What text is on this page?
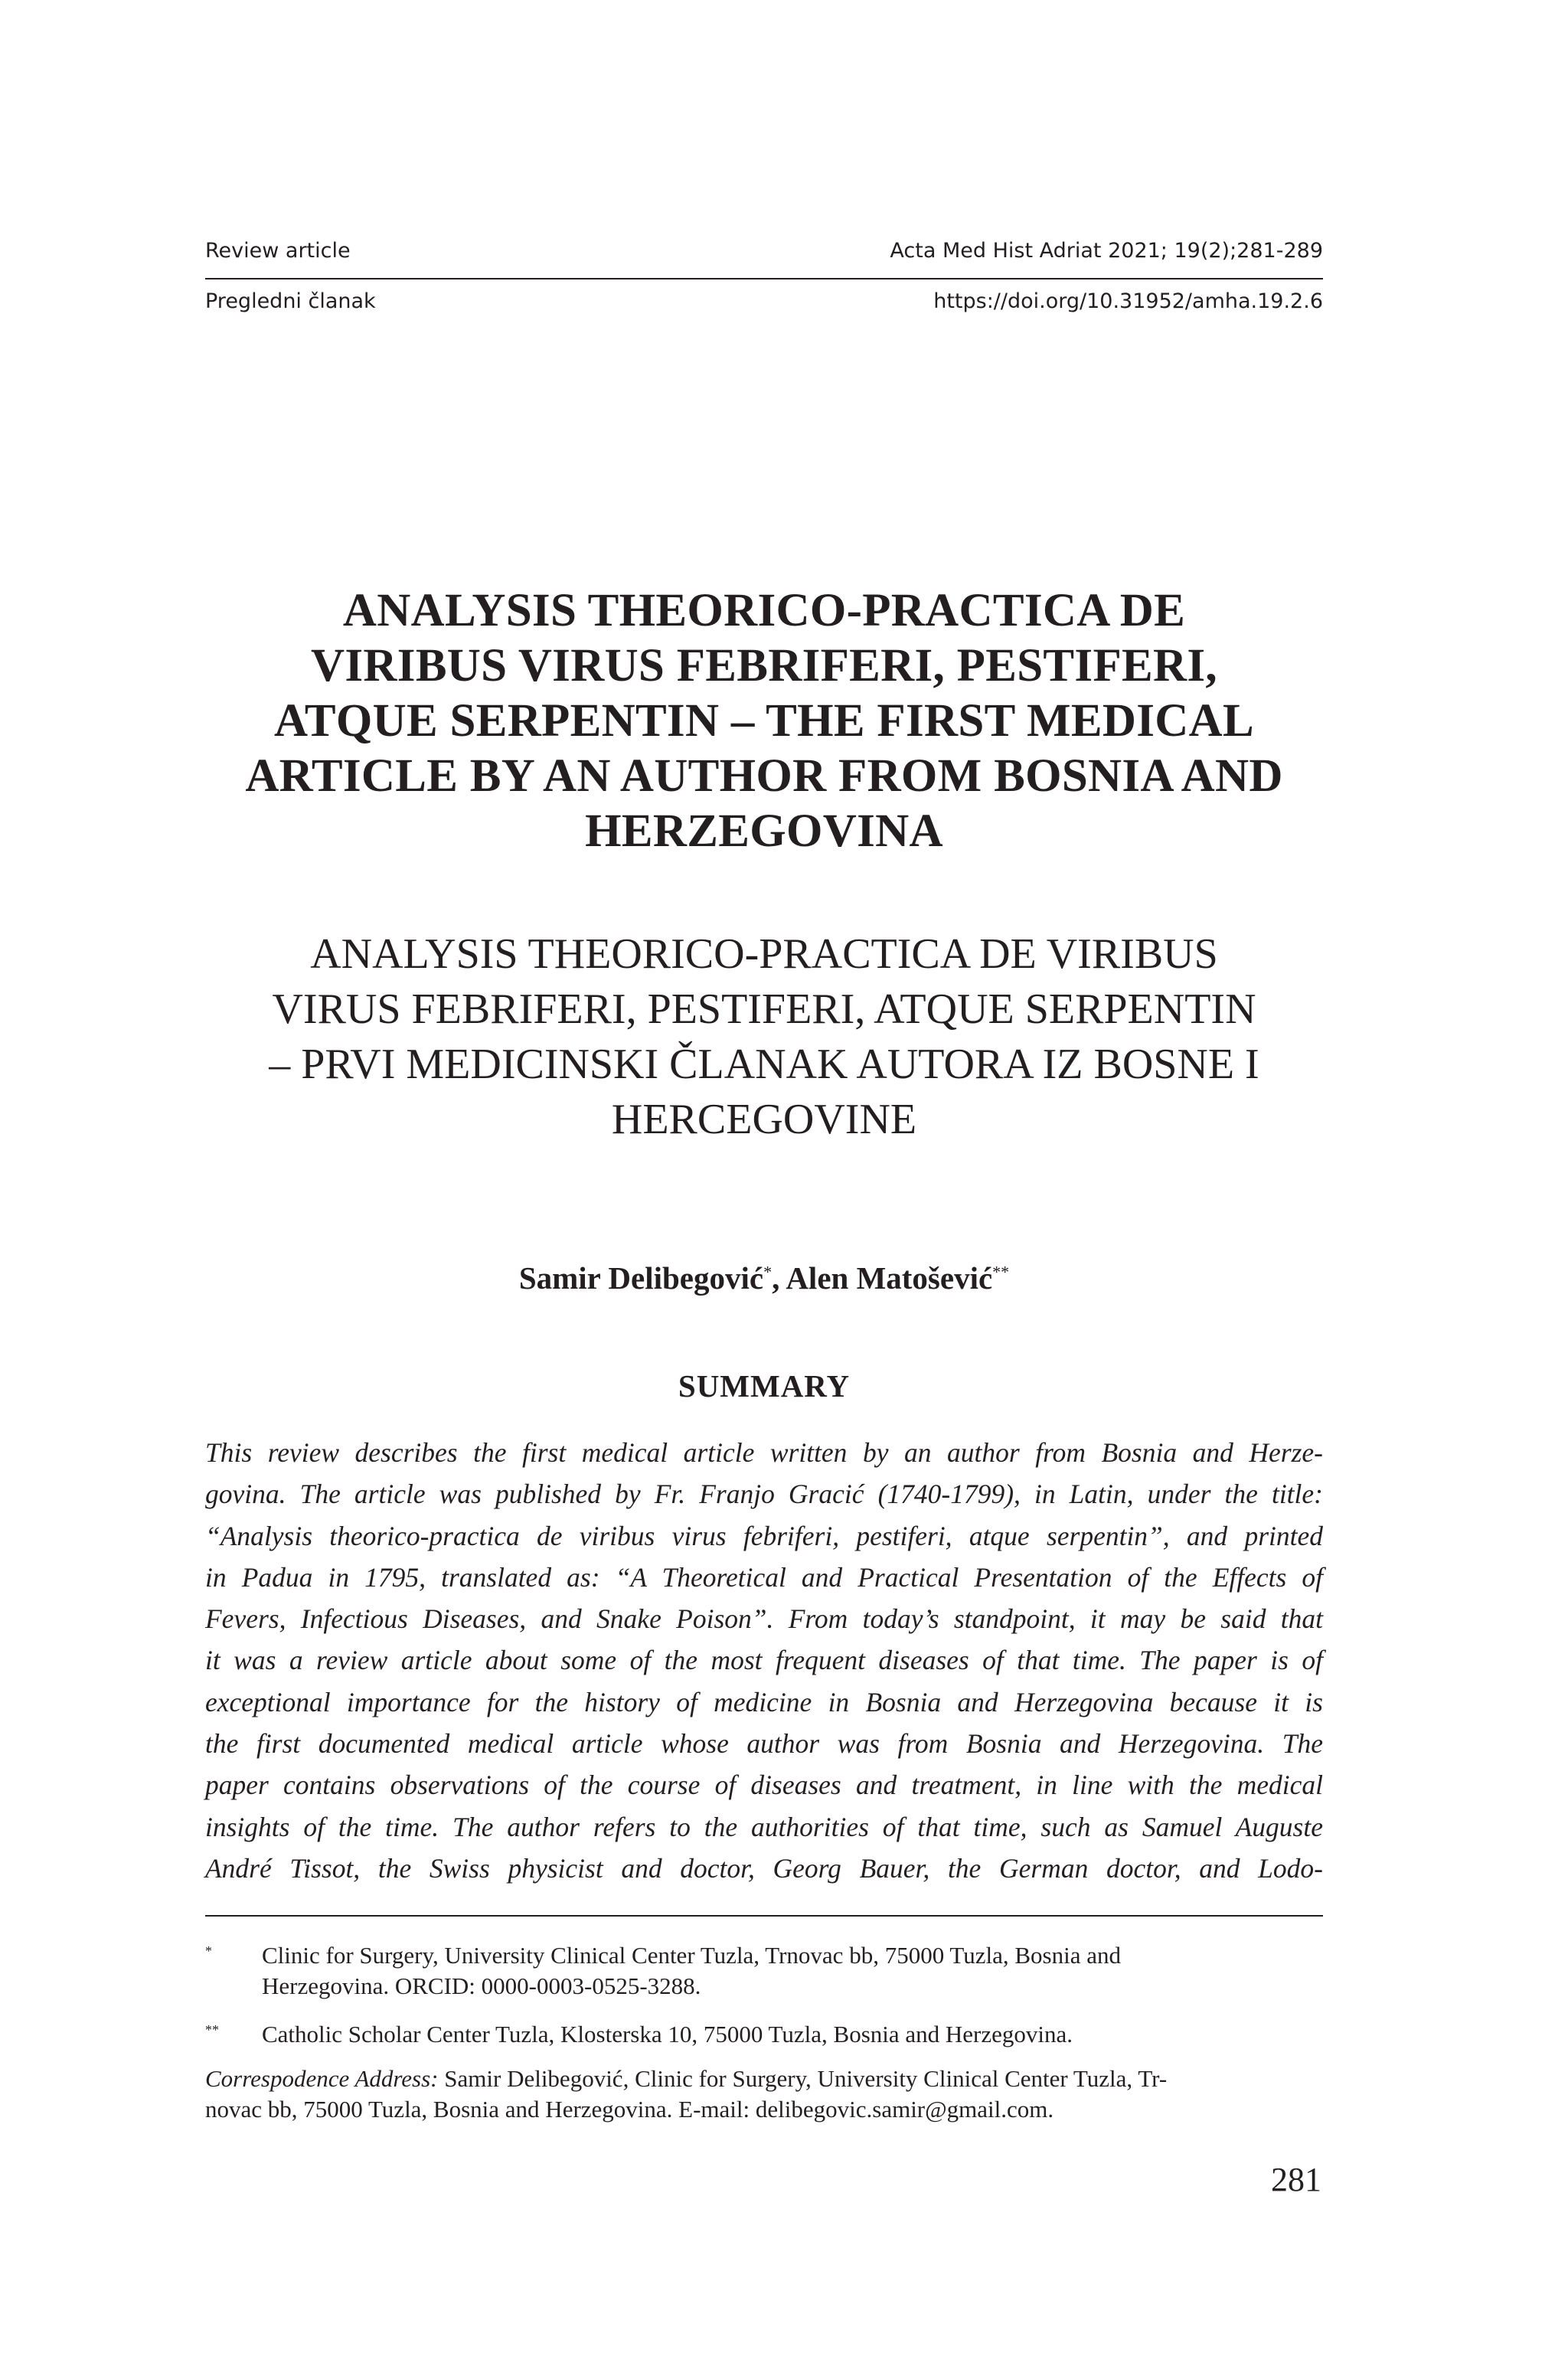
Review article	Acta Med Hist Adriat 2021; 19(2);281-289
Pregledni članak	https://doi.org/10.31952/amha.19.2.6
ANALYSIS THEORICO-PRACTICA DE
VIRIBUS VIRUS FEBRIFERI, PESTIFERI,
ATQUE SERPENTIN – THE FIRST MEDICAL
ARTICLE BY AN AUTHOR FROM BOSNIA AND
HERZEGOVINA
ANALYSIS THEORICO-PRACTICA DE VIRIBUS
VIRUS FEBRIFERI, PESTIFERI, ATQUE SERPENTIN
– PRVI MEDICINSKI ČLANAK AUTORA IZ BOSNE I
HERCEGOVINE
Samir Delibegović*, Alen Matošević**
SUMMARY
This review describes the first medical article written by an author from Bosnia and Herze-
govina. The article was published by Fr. Franjo Gracić (1740-1799), in Latin, under the title:
“Analysis theorico-practica de viribus virus febriferi, pestiferi, atque serpentin”, and printed
in Padua in 1795, translated as: “A Theoretical and Practical Presentation of the Effects of
Fevers, Infectious Diseases, and Snake Poison”. From today’s standpoint, it may be said that
it was a review article about some of the most frequent diseases of that time. The paper is of
exceptional importance for the history of medicine in Bosnia and Herzegovina because it is
the first documented medical article whose author was from Bosnia and Herzegovina. The
paper contains observations of the course of diseases and treatment, in line with the medical
insights of the time. The author refers to the authorities of that time, such as Samuel Auguste
André Tissot, the Swiss physicist and doctor, Georg Bauer, the German doctor, and Lodo-
* Clinic for Surgery, University Clinical Center Tuzla, Trnovac bb, 75000 Tuzla, Bosnia and
Herzegovina. ORCID: 0000-0003-0525-3288.
** Catholic Scholar Center Tuzla, Klosterska 10, 75000 Tuzla, Bosnia and Herzegovina.
Correspodence Address: Samir Delibegović, Clinic for Surgery, University Clinical Center Tuzla, Tr-
novac bb, 75000 Tuzla, Bosnia and Herzegovina. E-mail: delibegovic.samir@gmail.com.
281
